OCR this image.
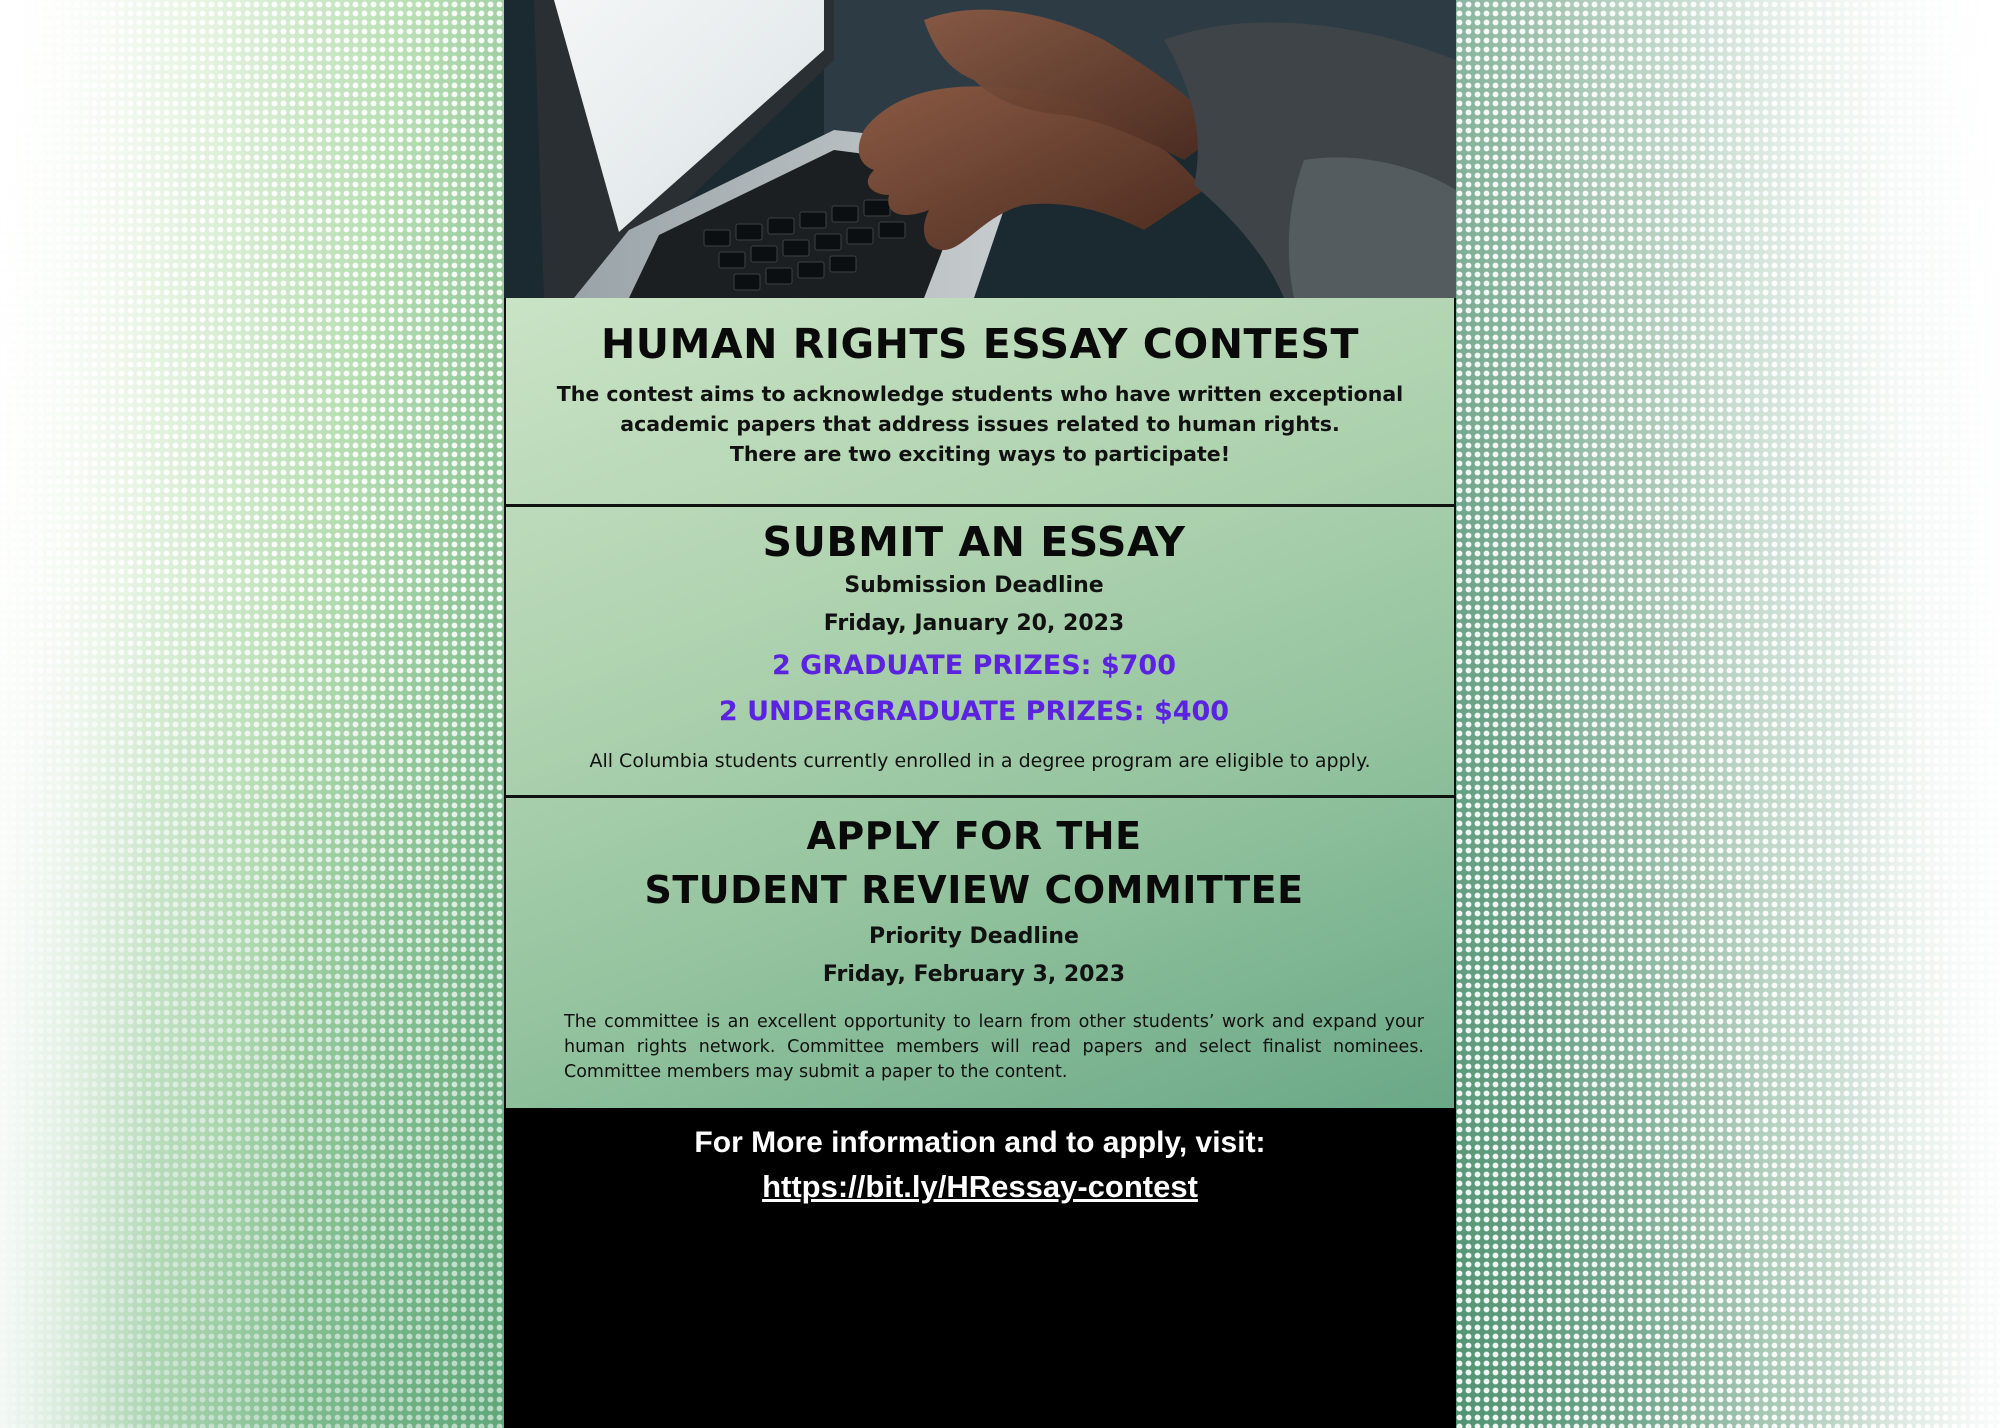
HUMAN RIGHTS ESSAY CONTEST
The contest aims to acknowledge students who have written exceptional
academic papers that address issues related to human rights.
There are two exciting ways to participate!
SUBMIT AN ESSAY
Submission Deadline
Friday, January 20, 2023
2 GRADUATE PRIZES: $700
2 UNDERGRADUATE PRIZES: $400
All Columbia students currently enrolled in a degree program are eligible to apply.
APPLY FOR THE
STUDENT REVIEW COMMITTEE
Priority Deadline
Friday, February 3, 2023
The committee is an excellent opportunity to learn from other students’ work and expand your human rights network. Committee members will read papers and select finalist nominees. Committee members may submit a paper to the content.
For More information and to apply, visit:
https://bit.ly/HRessay-contest
